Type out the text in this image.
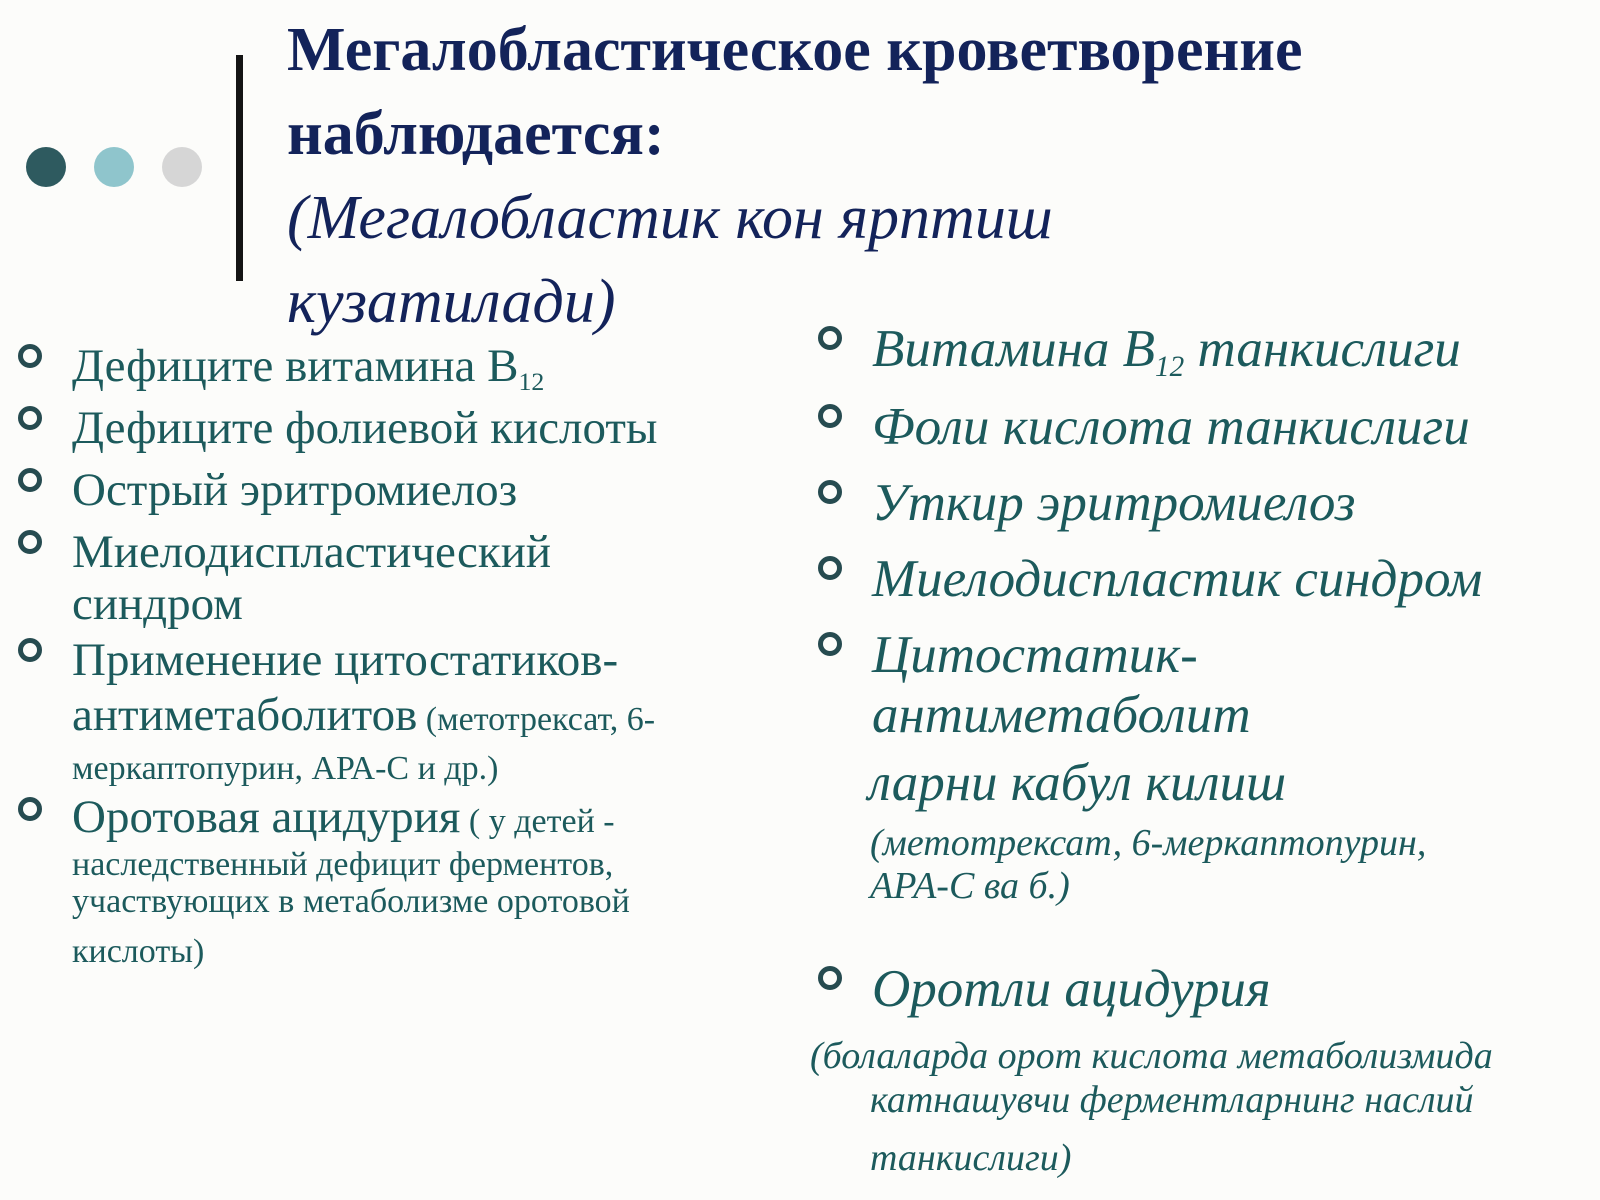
Мегалобластическое кроветворение
наблюдается:
(Мегалобластик кон ярптиш
кузатилади)
Дефиците витамина $В_{12}$
Дефиците фолиевой кислоты
Острый эритромиелоз
Миелодиспластический
синдром
Применение цитостатиков-
антиметаболитов (метотрексат, 6-
меркаптопурин, АРА-С и др.)
Оротовая ацидурия ( у детей -
наследственный дефицит ферментов,
участвующих в метаболизме оротовой
кислоты)
Витамина $В_{12}$ танкислиги
Фоли кислота танкислиги
Уткир эритромиелоз
Миелодиспластик синдром
Цитостатик-
антиметаболит
ларни кабул килиш
(метотрексат, 6-меркаптопурин,
АРА-С ва б.)
Оротли ацидурия
(болаларда орот кислота метаболизмида
катнашувчи ферментларнинг наслий
танкислиги)
